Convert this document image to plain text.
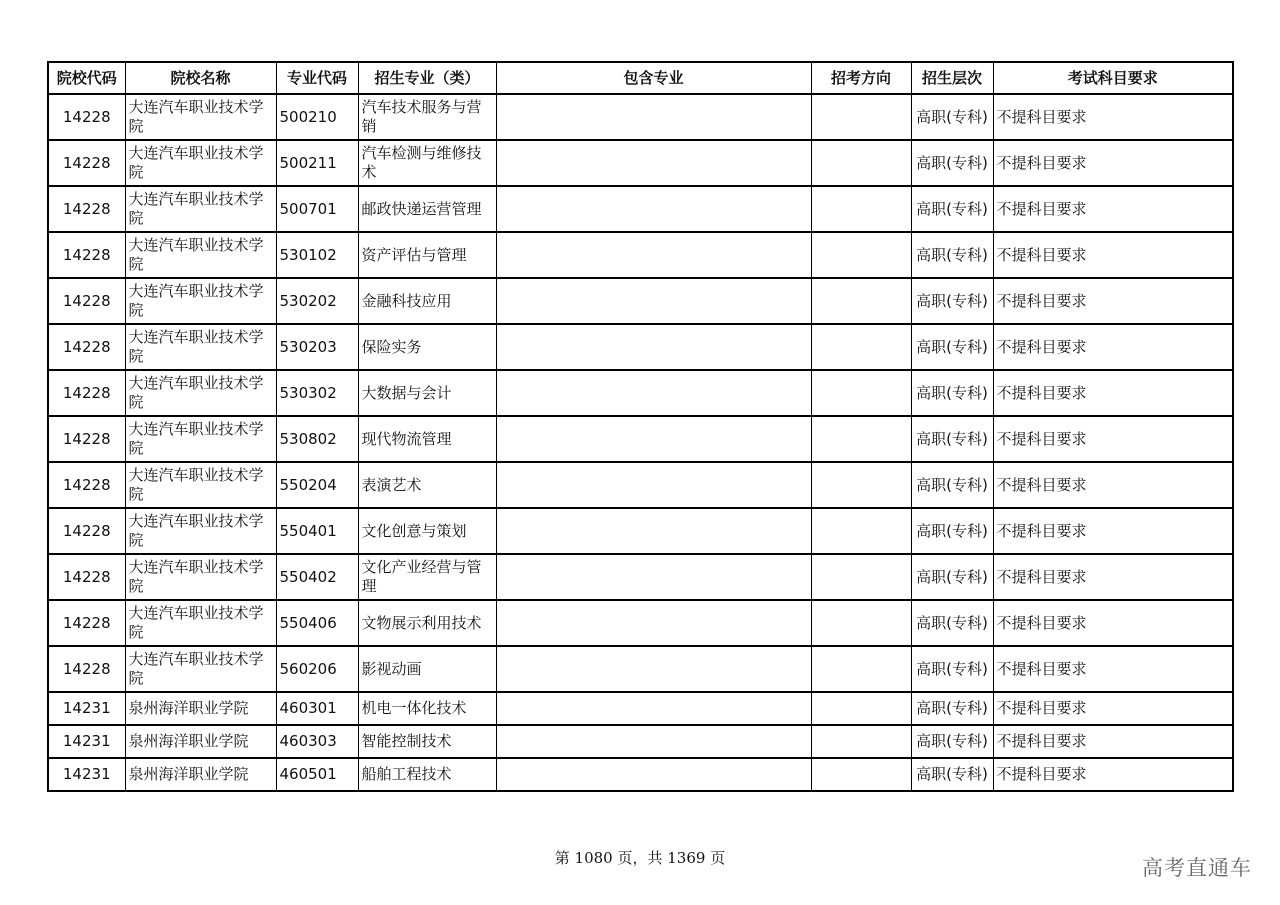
院校代码	院校名称	专业代码	招生专业（类）	包含专业	招考方向	招生层次	考试科目要求
14228	大连汽车职业技术学院	500210	汽车技术服务与营销			高职(专科)	不提科目要求
14228	大连汽车职业技术学院	500211	汽车检测与维修技术			高职(专科)	不提科目要求
14228	大连汽车职业技术学院	500701	邮政快递运营管理			高职(专科)	不提科目要求
14228	大连汽车职业技术学院	530102	资产评估与管理			高职(专科)	不提科目要求
14228	大连汽车职业技术学院	530202	金融科技应用			高职(专科)	不提科目要求
14228	大连汽车职业技术学院	530203	保险实务			高职(专科)	不提科目要求
14228	大连汽车职业技术学院	530302	大数据与会计			高职(专科)	不提科目要求
14228	大连汽车职业技术学院	530802	现代物流管理			高职(专科)	不提科目要求
14228	大连汽车职业技术学院	550204	表演艺术			高职(专科)	不提科目要求
14228	大连汽车职业技术学院	550401	文化创意与策划			高职(专科)	不提科目要求
14228	大连汽车职业技术学院	550402	文化产业经营与管理			高职(专科)	不提科目要求
14228	大连汽车职业技术学院	550406	文物展示利用技术			高职(专科)	不提科目要求
14228	大连汽车职业技术学院	560206	影视动画			高职(专科)	不提科目要求
14231	泉州海洋职业学院	460301	机电一体化技术			高职(专科)	不提科目要求
14231	泉州海洋职业学院	460303	智能控制技术			高职(专科)	不提科目要求
14231	泉州海洋职业学院	460501	船舶工程技术			高职(专科)	不提科目要求
第 1080 页，共 1369 页	高考直通车
